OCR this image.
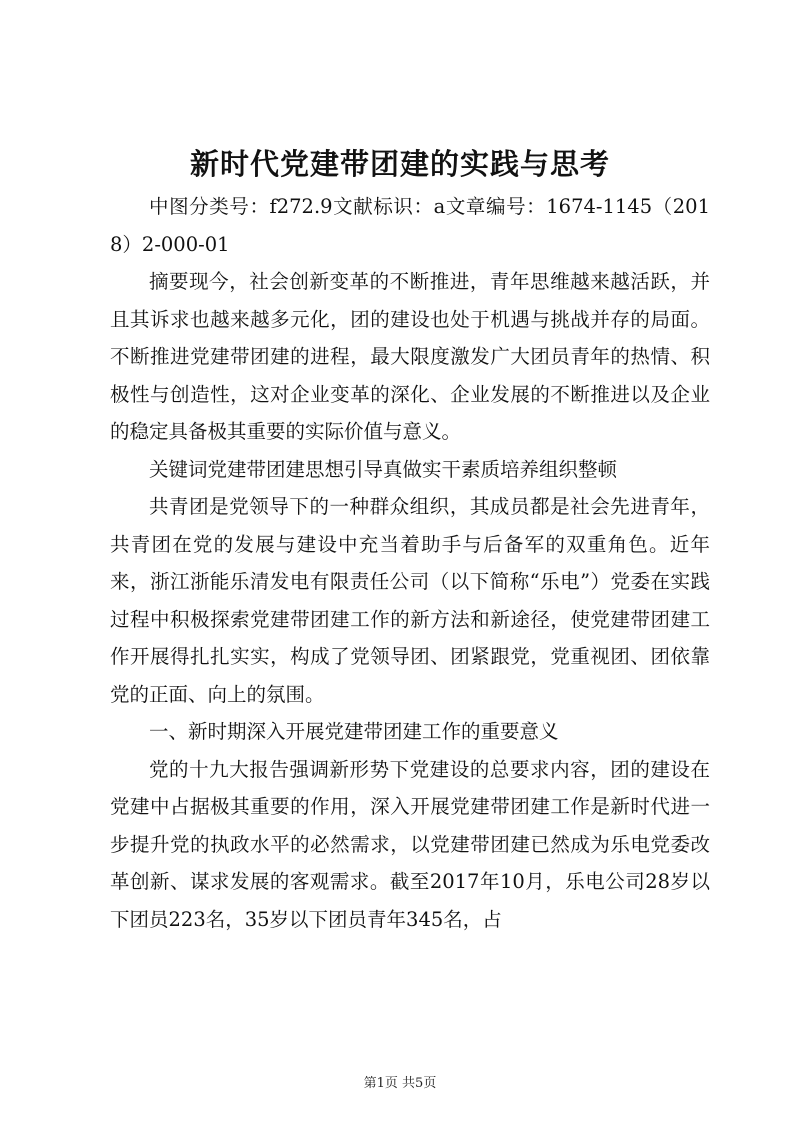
新时代党建带团建的实践与思考

中图分类号：f272.9文献标识：a文章编号：1674-1145（2018）2-000-01

摘要现今，社会创新变革的不断推进，青年思维越来越活跃，并且其诉求也越来越多元化，团的建设也处于机遇与挑战并存的局面。不断推进党建带团建的进程，最大限度激发广大团员青年的热情、积极性与创造性，这对企业变革的深化、企业发展的不断推进以及企业的稳定具备极其重要的实际价值与意义。

关键词党建带团建思想引导真做实干素质培养组织整顿

共青团是党领导下的一种群众组织，其成员都是社会先进青年，共青团在党的发展与建设中充当着助手与后备军的双重角色。近年来，浙江浙能乐清发电有限责任公司（以下简称“乐电”）党委在实践过程中积极探索党建带团建工作的新方法和新途径，使党建带团建工作开展得扎扎实实，构成了党领导团、团紧跟党，党重视团、团依靠党的正面、向上的氛围。

一、新时期深入开展党建带团建工作的重要意义

党的十九大报告强调新形势下党建设的总要求内容，团的建设在党建中占据极其重要的作用，深入开展党建带团建工作是新时代进一步提升党的执政水平的必然需求，以党建带团建已然成为乐电党委改革创新、谋求发展的客观需求。截至2017年10月，乐电公司28岁以下团员223名，35岁以下团员青年345名，占

第1页 共5页
